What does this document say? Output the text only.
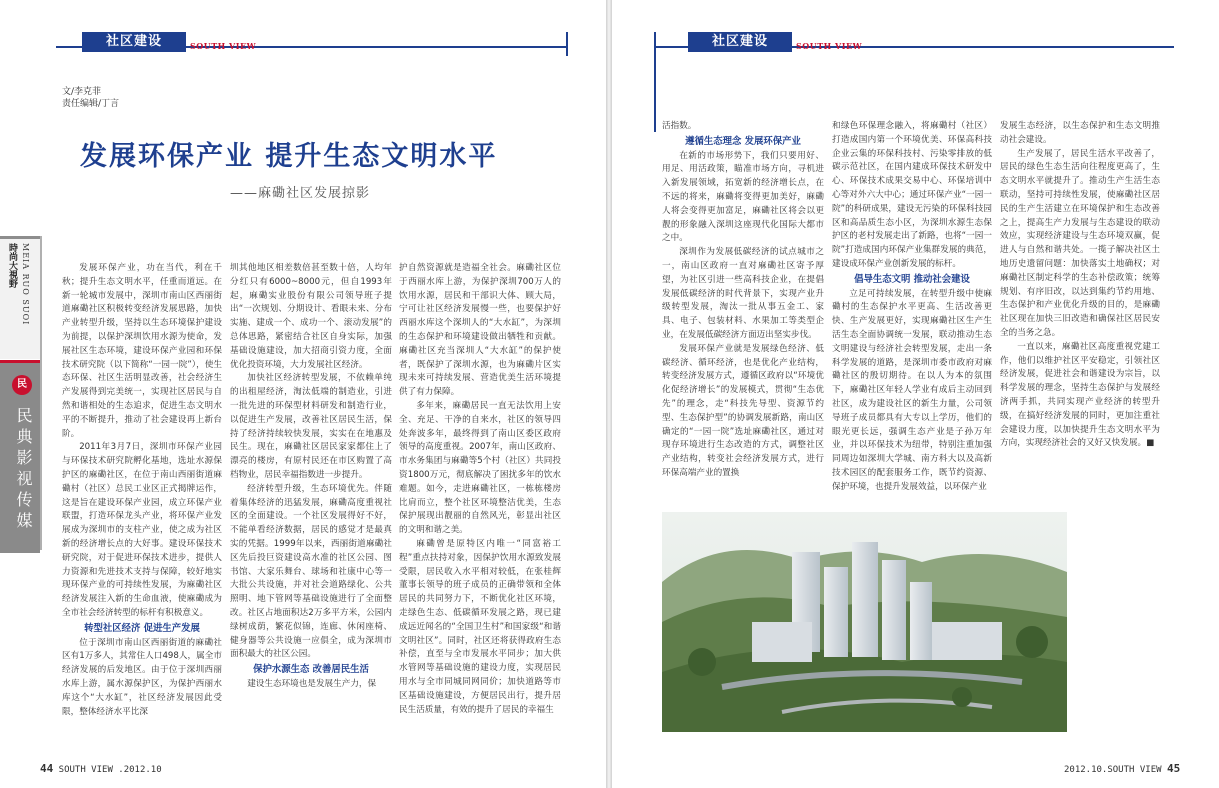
社区建设	SOUTH VIEW
文/李克菲
责任编辑/丁言
发展环保产业 提升生态文明水平
——麻磡社区发展掠影
時尚大視野 MEIA RUO SUOI
民
民典影视传媒

发展环保产业，功在当代，利在千秋；提升生态文明水平，任重而道远。在新一轮城市发展中，深圳市南山区西丽街道麻磡社区积极转变经济发展思路，加快产业转型升级，坚持以生态环境保护建设为前提，以保护深圳饮用水源为使命，发展社区生态环境，建设环保产业园和环保技术研究院（以下简称“一园一院”），使生态环保、社区生活明显改善，社会经济生产发展得到完美统一，实现社区居民与自然和谐相处的生态追求，促进生态文明水平的不断提升，推动了社会建设再上新台阶。

2011年3月7日，深圳市环保产业园与环保技术研究院孵化基地，选址水源保护区的麻磡社区，在位于南山西丽街道麻磡村（社区）总民工业区正式揭牌运作，这是旨在建设环保产业园，成立环保产业联盟，打造环保龙头产业，将环保产业发展成为深圳市的支柱产业，使之成为社区新的经济增长点的大好事。建设环保技术研究院，对于促进环保技术进步，提供人力资源和先进技术支持与保障，较好地实现环保产业的可持续性发展，为麻磡社区经济发展注入新的生命血液，使麻磡成为全市社会经济转型的标杆有积极意义。

转型社区经济 促进生产发展

位于深圳市南山区西丽街道的麻磡社区有1万多人，其常住人口498人，属全市经济发展的后发地区。由于位于深圳西丽水库上游，属水源保护区，为保护西丽水库这个“大水缸”，社区经济发展因此受限，整体经济水平比深

圳其他地区相差数倍甚至数十倍，人均年分红只有6000~8000元，但自1993年起，麻磡实业股份有限公司领导班子提出“一次规划、分期设计、看眼未来、分布实施、建成一个、成功一个、滚动发展”的总体思路，紧密结合社区自身实际，加强基础设施建设，加大招商引资力度，全面优化投资环境，大力发展社区经济。

加快社区经济转型发展，不依赖单纯的出租屋经济，淘汰低端的制造业，引进一批先进的环保型材料研发和制造行业，以促进生产发展，改善社区居民生活，保持了经济持续较快发展，实实在在地惠及民生。现在，麻磡社区居民家家都住上了漂亮的楼房，有原村民还在市区购置了高档物业，居民幸福指数进一步提升。

经济转型升级，生态环境优先。伴随着集体经济的迅猛发展，麻磡高度重视社区的全面建设。一个社区发展得好不好，不能单看经济数据，居民的感觉才是最真实的凭据。1999年以来，西丽街道麻磡社区先后投巨资建设高水准的社区公园、图书馆、大家乐舞台、球场和社康中心等一大批公共设施，并对社会道路绿化、公共照明、地下管网等基础设施进行了全面整改。社区占地面积达2万多平方米，公园内绿树成荫，繁花似锦，连廊、休闲座椅、健身器等公共设施一应俱全，成为深圳市面积最大的社区公园。

保护水源生态 改善居民生活

建设生态环境也是发展生产力，保

护自然资源就是造福全社会。麻磡社区位于西丽水库上游，为保护深圳700万人的饮用水源，居民和干部识大体、顾大局，宁可让社区经济发展慢一些，也要保护好西丽水库这个深圳人的“大水缸”，为深圳的生态保护和环境建设做出牺牲和贡献。麻磡社区充当深圳人“大水缸”的保护使者，既保护了深圳水源，也为麻磡片区实现未来可持续发展、营造优美生活环境提供了有力保障。

多年来，麻磡居民一直无法饮用上安全、充足、干净的自来水，社区的领导四处奔波多年，最终得到了南山区委区政府领导的高度重视。2007年，南山区政府、市水务集团与麻磡等5个村（社区）共同投资1800万元，彻底解决了困扰多年的饮水难题。如今，走进麻磡社区，一栋栋楼房比肩而立，整个社区环境整洁优美，生态保护展现出靓丽的自然风光，彰显出社区的文明和谐之美。

麻磡曾是原特区内唯一“同富裕工程”重点扶持对象，因保护饮用水源致发展受限，居民收入水平相对较低，在张桂辉董事长领导的班子成员的正确带领和全体居民的共同努力下，不断优化社区环境，走绿色生态、低碳循环发展之路，现已建成远近闻名的“全国卫生村”和国家级“和谐文明社区”。同时，社区还将获得政府生态补偿，直至与全市发展水平同步；加大供水管网等基础设施的建设力度，实现居民用水与全市同城同网同价；加快道路等市区基础设施建设，方便居民出行，提升居民生活质量，有效的提升了居民的幸福生

44 SOUTH VIEW .2012.10
社区建设	SOUTH VIEW

活指数。

遵循生态理念 发展环保产业

在新的市场形势下，我们只要用好、用足、用活政策，瞄准市场方向，寻机进入新发展领域，拓宽新的经济增长点，在不远的将来，麻磡将变得更加美好，麻磡人将会变得更加富足，麻磡社区将会以更靓的形象融入深圳这座现代化国际大都市之中。

深圳作为发展低碳经济的试点城市之一，南山区政府一直对麻磡社区寄予厚望，为社区引进一些高科技企业，在提倡发展低碳经济的时代背景下，实现产业升级转型发展，淘汰一批从事五金工、家具、电子、包装材料、水果加工等类型企业，在发展低碳经济方面迈出坚实步伐。

发展环保产业就是发展绿色经济、低碳经济、循环经济，也是优化产业结构，转变经济发展方式，遵循区政府以“环境优化促经济增长”的发展模式，贯彻“生态优先”的理念，走“科技先导型、资源节约型、生态保护型”的协调发展新路，南山区确定的“一园一院”选址麻磡社区，通过对现存环境进行生态改造的方式，调整社区产业结构，转变社会经济发展方式，进行环保高端产业的置换

和绿色环保理念融入，将麻磡村（社区）打造成国内第一个环境优美、环保高科技企业云集的环保科技村、污染零排放的低碳示范社区，在国内建成环保技术研发中心、环保技术成果交易中心、环保培训中心等对外六大中心；通过环保产业“一园一院”的科研成果，建设无污染的环保科技园区和高品质生态小区，为深圳水源生态保护区的老村发展走出了新路，也将“一园一院”打造成国内环保产业集群发展的典范，建设成环保产业创新发展的标杆。

倡导生态文明 推动社会建设

立足可持续发展，在转型升级中使麻磡村的生态保护水平更高、生活改善更快、生产发展更好，实现麻磡社区生产生活生态全面协调统一发展，联动推动生态文明建设与经济社会转型发展，走出一条科学发展的道路，是深圳市委市政府对麻磡社区的殷切期待。在以人为本的氛围下，麻磡社区年轻人学业有成后主动回到社区，成为建设社区的新生力量，公司领导班子成员都具有大专以上学历，他们的眼光更长远，强调生态产业是子孙万年业，并以环保技术为纽带，特别注重加强同周边如深圳大学城、南方科大以及高新技术园区的配套服务工作，既节约资源、保护环境，也提升发展效益，以环保产业

发展生态经济，以生态保护和生态文明推动社会建设。

生产发展了，居民生活水平改善了，居民的绿色生态生活向往程度更高了，生态文明水平就提升了。推动生产生活生态联动，坚持可持续性发展，使麻磡社区居民的生产生活建立在环境保护和生态改善之上，提高生产力发展与生态建设的联动效应，实现经济建设与生态环境双赢，促进人与自然和谐共处。一揽子解决社区土地历史遗留问题：加快落实土地确权；对麻磡社区制定科学的生态补偿政策；统筹规划、有序旧改，以达到集约节约用地、生态保护和产业优化升级的目的，是麻磡社区现在加快三旧改造和确保社区居民安全的当务之急。

一直以来，麻磡社区高度重视党建工作，他们以维护社区平安稳定，引领社区经济发展，促进社会和谐建设为宗旨，以科学发展的理念，坚持生态保护与发展经济两手抓，共同实现产业经济的转型升级，在搞好经济发展的同时，更加注重社会建设力度，以加快提升生态文明水平为方向，实现经济社会的又好又快发展。■

2012.10.SOUTH VIEW 45
